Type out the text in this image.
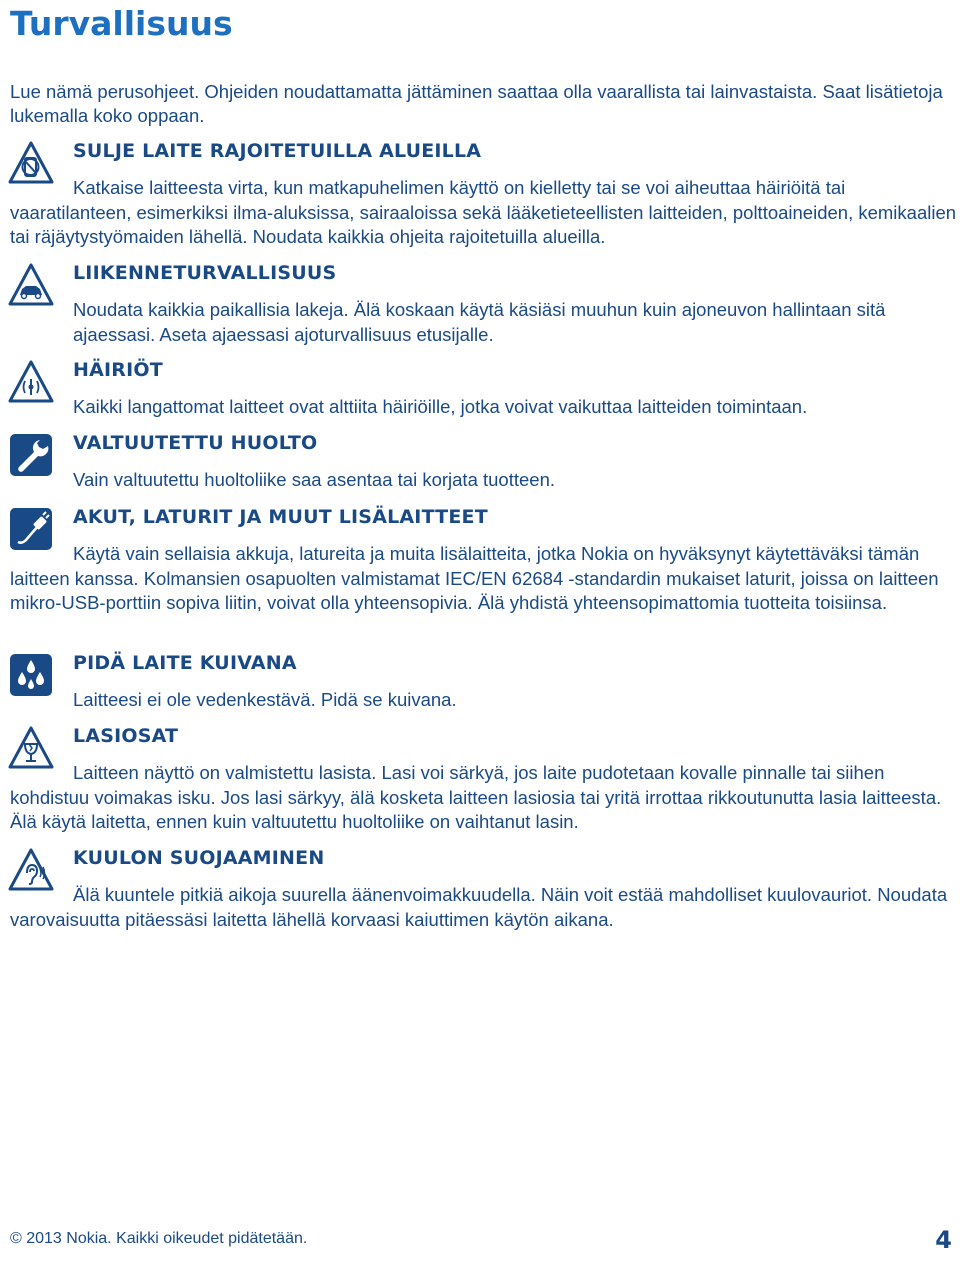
Turvallisuus
Lue nämä perusohjeet. Ohjeiden noudattamatta jättäminen saattaa olla vaarallista tai lainvastaista. Saat lisätietoja lukemalla koko oppaan.
SULJE LAITE RAJOITETUILLA ALUEILLA
Katkaise laitteesta virta, kun matkapuhelimen käyttö on kielletty tai se voi aiheuttaa häiriöitä tai vaaratilanteen, esimerkiksi ilma-aluksissa, sairaaloissa sekä lääketieteellisten laitteiden, polttoaineiden, kemikaalien tai räjäytystyömaiden lähellä. Noudata kaikkia ohjeita rajoitetuilla alueilla.
LIIKENNETURVALLISUUS
Noudata kaikkia paikallisia lakeja. Älä koskaan käytä käsiäsi muuhun kuin ajoneuvon hallintaan sitä ajaessasi. Aseta ajaessasi ajoturvallisuus etusijalle.
HÄIRIÖT
Kaikki langattomat laitteet ovat alttiita häiriöille, jotka voivat vaikuttaa laitteiden toimintaan.
VALTUUTETTU HUOLTO
Vain valtuutettu huoltoliike saa asentaa tai korjata tuotteen.
AKUT, LATURIT JA MUUT LISÄLAITTEET
Käytä vain sellaisia akkuja, latureita ja muita lisälaitteita, jotka Nokia on hyväksynyt käytettäväksi tämän laitteen kanssa. Kolmansien osapuolten valmistamat IEC/EN 62684 -standardin mukaiset laturit, joissa on laitteen mikro-USB-porttiin sopiva liitin, voivat olla yhteensopivia. Älä yhdistä yhteensopimattomia tuotteita toisiinsa.
PIDÄ LAITE KUIVANA
Laitteesi ei ole vedenkestävä. Pidä se kuivana.
LASIOSAT
Laitteen näyttö on valmistettu lasista. Lasi voi särkyä, jos laite pudotetaan kovalle pinnalle tai siihen kohdistuu voimakas isku. Jos lasi särkyy, älä kosketa laitteen lasiosia tai yritä irrottaa rikkoutunutta lasia laitteesta. Älä käytä laitetta, ennen kuin valtuutettu huoltoliike on vaihtanut lasin.
KUULON SUOJAAMINEN
Älä kuuntele pitkiä aikoja suurella äänenvoimakkuudella. Näin voit estää mahdolliset kuulovauriot. Noudata varovaisuutta pitäessäsi laitetta lähellä korvaasi kaiuttimen käytön aikana.
© 2013 Nokia. Kaikki oikeudet pidätetään.	4
